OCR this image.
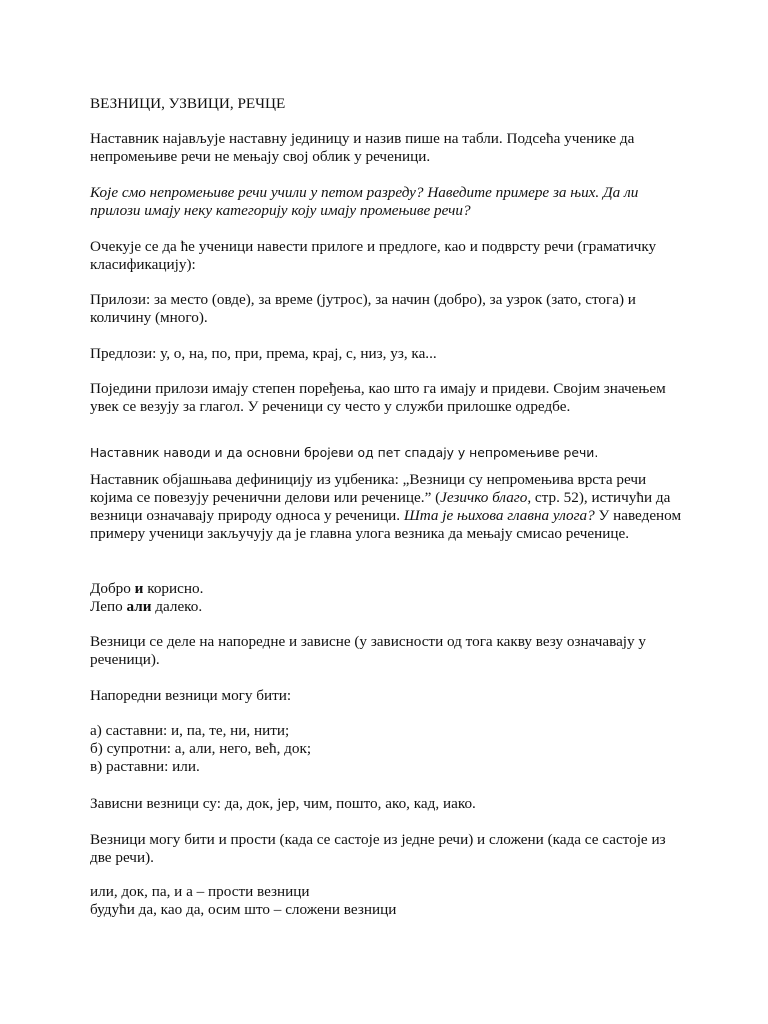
ВЕЗНИЦИ, УЗВИЦИ, РЕЧЦЕ

Наставник најављује наставну јединицу и назив пише на табли. Подсећа ученике да непромењиве речи не мењају свој облик у реченици.

Које смо непромењиве речи учили у петом разреду? Наведите примере за њих. Да ли прилози имају неку категорију коју имају промењиве речи?

Очекује се да ће ученици навести прилоге и предлоге, као и подврсту речи (граматичку класификацију):

Прилози: за место (овде), за време (јутрос), за начин (добро), за узрок (зато, стога) и количину (много).

Предлози: у, о, на, по, при, према, крај, с, низ, уз, ка...

Поједини прилози имају степен поређења, као што га имају и придеви. Својим значењем увек се везују за глагол. У реченици су често у служби прилошке одредбе.

Наставник наводи и да основни бројеви од пет спадају у непромењиве речи.

Наставник објашњава дефиницију из уџбеника: „Везници су непромењива врста речи којима се повезују реченични делови или реченице.” (Језичко благо, стр. 52), истичући да везници означавају природу односа у реченици. Шта је њихова главна улога? У наведеном примеру ученици закључују да је главна улога везника да мењају смисао реченице.

Добро и корисно.
Лепо али далеко.

Везници се деле на напоредне и зависне (у зависности од тога какву везу означавају у реченици).

Напоредни везници могу бити:

а) саставни: и, па, те, ни, нити;
б) супротни: а, али, него, већ, док;
в) раставни: или.

Зависни везници су: да, док, јер, чим, пошто, ако, кад, иако.

Везници могу бити и прости (када се састоје из једне речи) и сложени (када се састоје из две речи).

или, док, па, и а – прости везници
будући да, као да, осим што – сложени везници
